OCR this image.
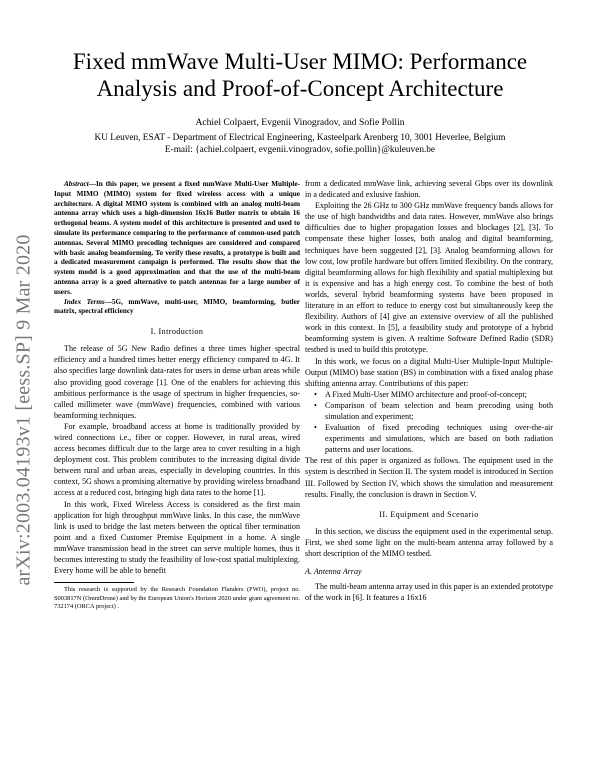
arXiv:2003.04193v1 [eess.SP] 9 Mar 2020
Fixed mmWave Multi-User MIMO: Performance Analysis and Proof-of-Concept Architecture
Achiel Colpaert, Evgenii Vinogradov, and Sofie Pollin
KU Leuven, ESAT - Department of Electrical Engineering, Kasteelpark Arenberg 10, 3001 Heverlee, Belgium
E-mail: {achiel.colpaert, evgenii.vinogradov, sofie.pollin}@kuleuven.be

Abstract—In this paper, we present a fixed mmWave Multi-User Multiple-Input MIMO (MIMO) system for fixed wireless access with a unique architecture. A digital MIMO system is combined with an analog multi-beam antenna array which uses a high-dimension 16x16 Butler matrix to obtain 16 orthogonal beams. A system model of this architecture is presented and used to simulate its performance comparing to the performance of common-used patch antennas. Several MIMO precoding techniques are considered and compared with basic analog beamforming. To verify these results, a prototype is built and a dedicated measurement campaign is performed. The results show that the system model is a good approximation and that the use of the multi-beam antenna array is a good alternative to patch antennas for a large number of users.

Index Terms—5G, mmWave, multi-user, MIMO, beamforming, butler matrix, spectral efficiency

I. Introduction

The release of 5G New Radio defines a three times higher spectral efficiency and a hundred times better energy efficiency compared to 4G. It also specifies large downlink data-rates for users in dense urban areas while also providing good coverage [1]. One of the enablers for achieving this ambitious performance is the usage of spectrum in higher frequencies, so-called millimeter wave (mmWave) frequencies, combined with various beamforming techniques.

For example, broadband access at home is traditionally provided by wired connections i.e., fiber or copper. However, in rural areas, wired access becomes difficult due to the large area to cover resulting in a high deployment cost. This problem contributes to the increasing digital divide between rural and urban areas, especially in developing countries. In this context, 5G shows a promising alternative by providing wireless broadband access at a reduced cost, bringing high data rates to the home [1].

In this work, Fixed Wireless Access is considered as the first main application for high throughput mmWave links. In this case, the mmWave link is used to bridge the last meters between the optical fiber termination point and a fixed Customer Premise Equipment in a home. A single mmWave transmission head in the street can serve multiple homes, thus it becomes interesting to study the feasibility of low-cost spatial multiplexing. Every home will be able to benefit

This research is supported by the Research Foundation Flanders (FWO), project no. S003817N (OmniDrone) and by the European Union's Horizon 2020 under grant agreement no. 732174 (ORCA project) .

from a dedicated mmWave link, achieving several Gbps over its downlink in a dedicated and exlusive fashion.

Exploiting the 26 GHz to 300 GHz mmWave frequency bands allows for the use of high bandwidths and data rates. However, mmWave also brings difficulties due to higher propagation losses and blockages [2], [3]. To compensate these higher losses, both analog and digital beamforming, techniques have been suggested [2], [3]. Analog beamforming allows for low cost, low profile hardware but offers limited flexibility. On the contrary, digital beamforming allows for high flexibility and spatial multiplexing but it is expensive and has a high energy cost. To combine the best of both worlds, several hybrid beamforming systems have been proposed in literature in an effort to reduce to energy cost but simultaneously keep the flexibility. Authors of [4] give an extensive overview of all the published work in this context. In [5], a feasibility study and prototype of a hybrid beamforming system is given. A realtime Software Defined Radio (SDR) testbed is used to build this prototype.

In this work, we focus on a digital Multi-User Multiple-Input Multiple-Output (MIMO) base station (BS) in combination with a fixed analog phase shifting antenna array. Contributions of this paper:

• A Fixed Multi-User MIMO architecture and proof-of-concept;
• Comparison of beam selection and beam precoding using both simulation and experiment;
• Evaluation of fixed precoding techniques using over-the-air experiments and simulations, which are based on both radiation patterns and user locations.

The rest of this paper is organized as follows. The equipment used in the system is described in Section II. The system model is introduced in Section III. Followed by Section IV, which shows the simulation and measurement results. Finally, the conclusion is drawn in Section V.

II. Equipment and Scenario

In this section, we discuss the equipment used in the experimental setup. First, we shed some light on the multi-beam antenna array followed by a short description of the MIMO testbed.

A. Antenna Array

The multi-beam antenna array used in this paper is an extended prototype of the work in [6]. It features a 16x16
